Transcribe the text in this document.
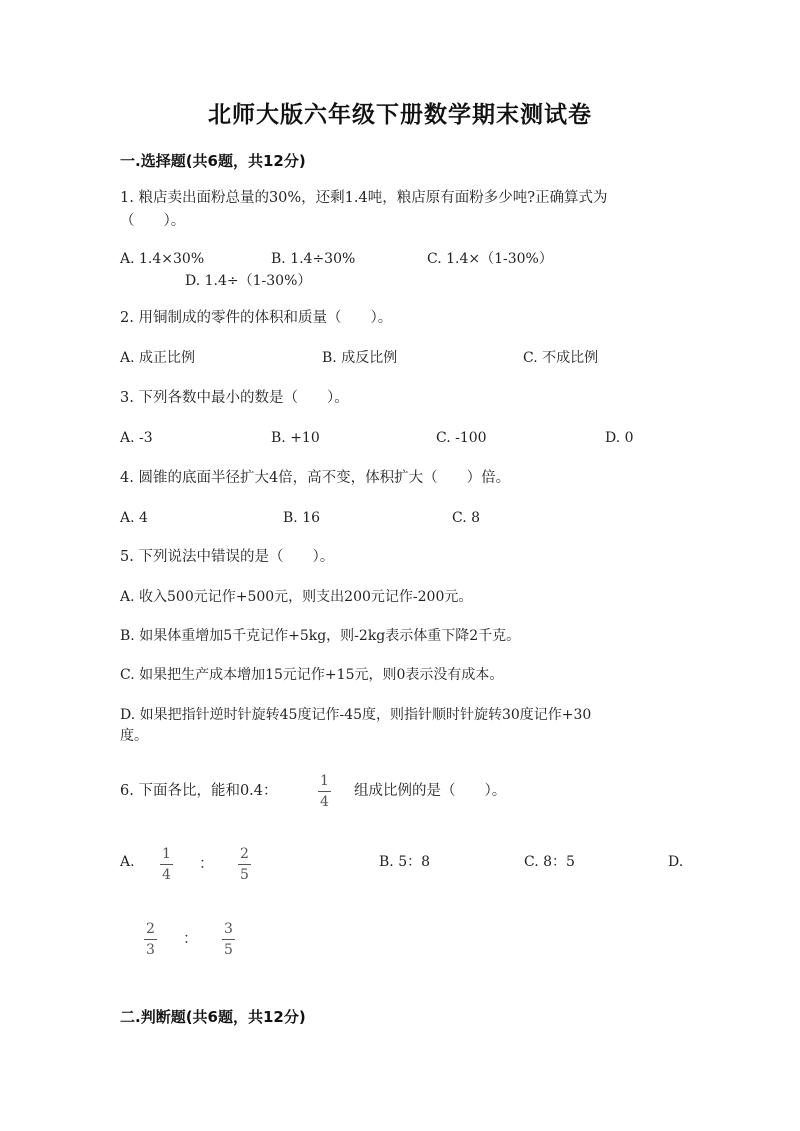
北师大版六年级下册数学期末测试卷
一.选择题(共6题，共12分)
1. 粮店卖出面粉总量的30%，还剩1.4吨，粮店原有面粉多少吨?正确算式为
（　　）。
A. 1.4×30%	B. 1.4÷30%	C. 1.4×（1-30%）
D. 1.4÷（1-30%）
2. 用铜制成的零件的体积和质量（　　）。
A. 成正比例	B. 成反比例	C. 不成比例
3. 下列各数中最小的数是（　　）。
A. -3	B. +10	C. -100	D. 0
4. 圆锥的底面半径扩大4倍，高不变，体积扩大（　　）倍。
A. 4	B. 16	C. 8
5. 下列说法中错误的是（　　）。
A. 收入500元记作+500元，则支出200元记作-200元。
B. 如果体重增加5千克记作+5kg，则-2kg表示体重下降2千克。
C. 如果把生产成本增加15元记作+15元，则0表示没有成本。
D. 如果把指针逆时针旋转45度记作-45度，则指针顺时针旋转30度记作+30
度。
6. 下面各比，能和0.4：
1
4
组成比例的是（　　）。
A. 1
4
： 2
5
B. 5：8	C. 8：5	D.
2
3
： 3
5
二.判断题(共6题，共12分)
